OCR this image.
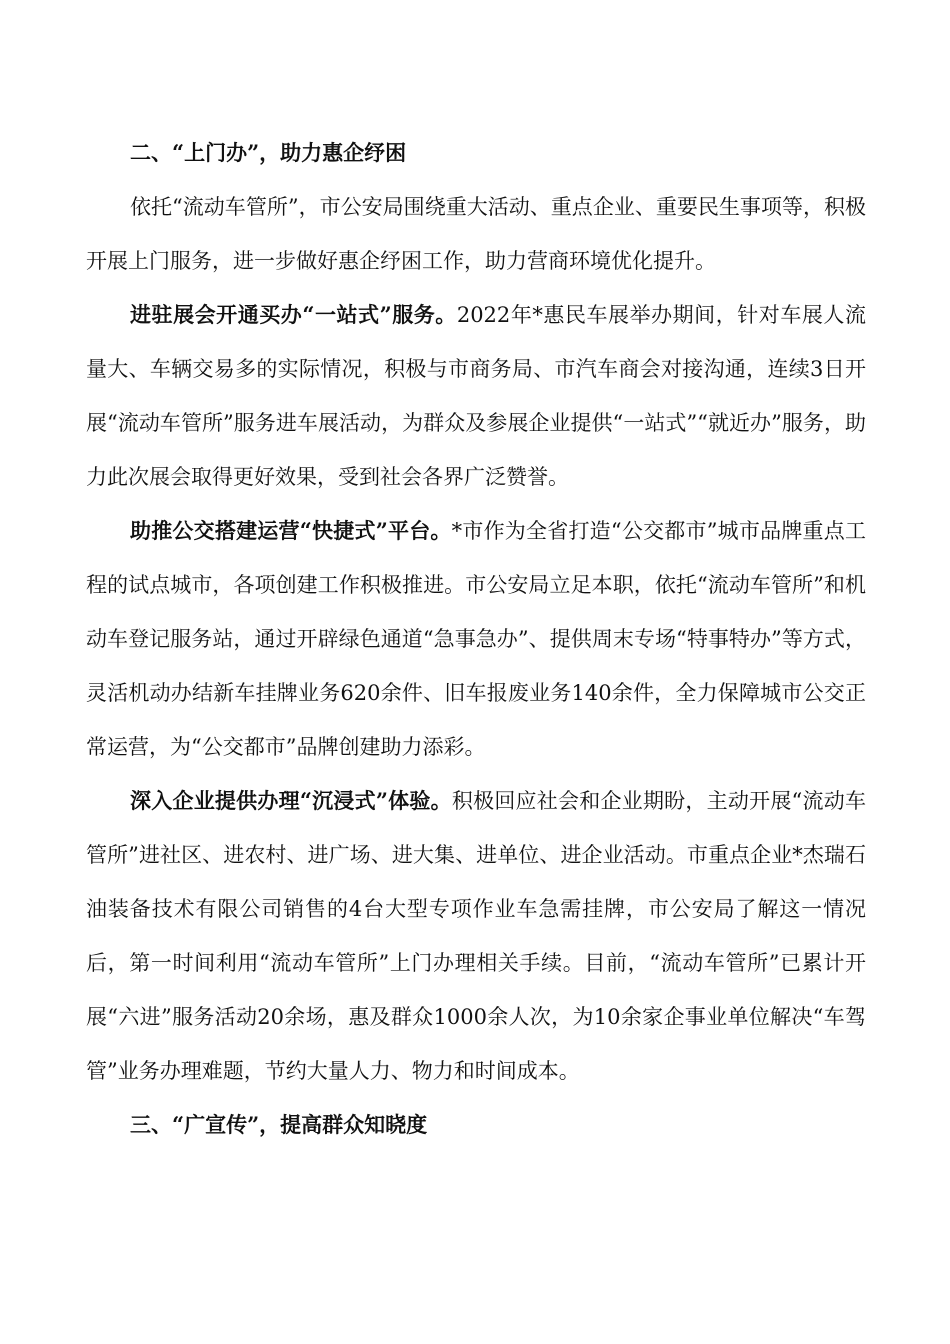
二、“上门办”，助力惠企纾困

依托“流动车管所”，市公安局围绕重大活动、重点企业、重要民生事项等，积极开展上门服务，进一步做好惠企纾困工作，助力营商环境优化提升。

进驻展会开通买办“一站式”服务。2022年*惠民车展举办期间，针对车展人流量大、车辆交易多的实际情况，积极与市商务局、市汽车商会对接沟通，连续3日开展“流动车管所”服务进车展活动，为群众及参展企业提供“一站式”“就近办”服务，助力此次展会取得更好效果，受到社会各界广泛赞誉。

助推公交搭建运营“快捷式”平台。*市作为全省打造“公交都市”城市品牌重点工程的试点城市，各项创建工作积极推进。市公安局立足本职，依托“流动车管所”和机动车登记服务站，通过开辟绿色通道“急事急办”、提供周末专场“特事特办”等方式，灵活机动办结新车挂牌业务620余件、旧车报废业务140余件，全力保障城市公交正常运营，为“公交都市”品牌创建助力添彩。

深入企业提供办理“沉浸式”体验。积极回应社会和企业期盼，主动开展“流动车管所”进社区、进农村、进广场、进大集、进单位、进企业活动。市重点企业*杰瑞石油装备技术有限公司销售的4台大型专项作业车急需挂牌，市公安局了解这一情况后，第一时间利用“流动车管所”上门办理相关手续。目前，“流动车管所”已累计开展“六进”服务活动20余场，惠及群众1000余人次，为10余家企事业单位解决“车驾管”业务办理难题，节约大量人力、物力和时间成本。

三、“广宣传”，提高群众知晓度
